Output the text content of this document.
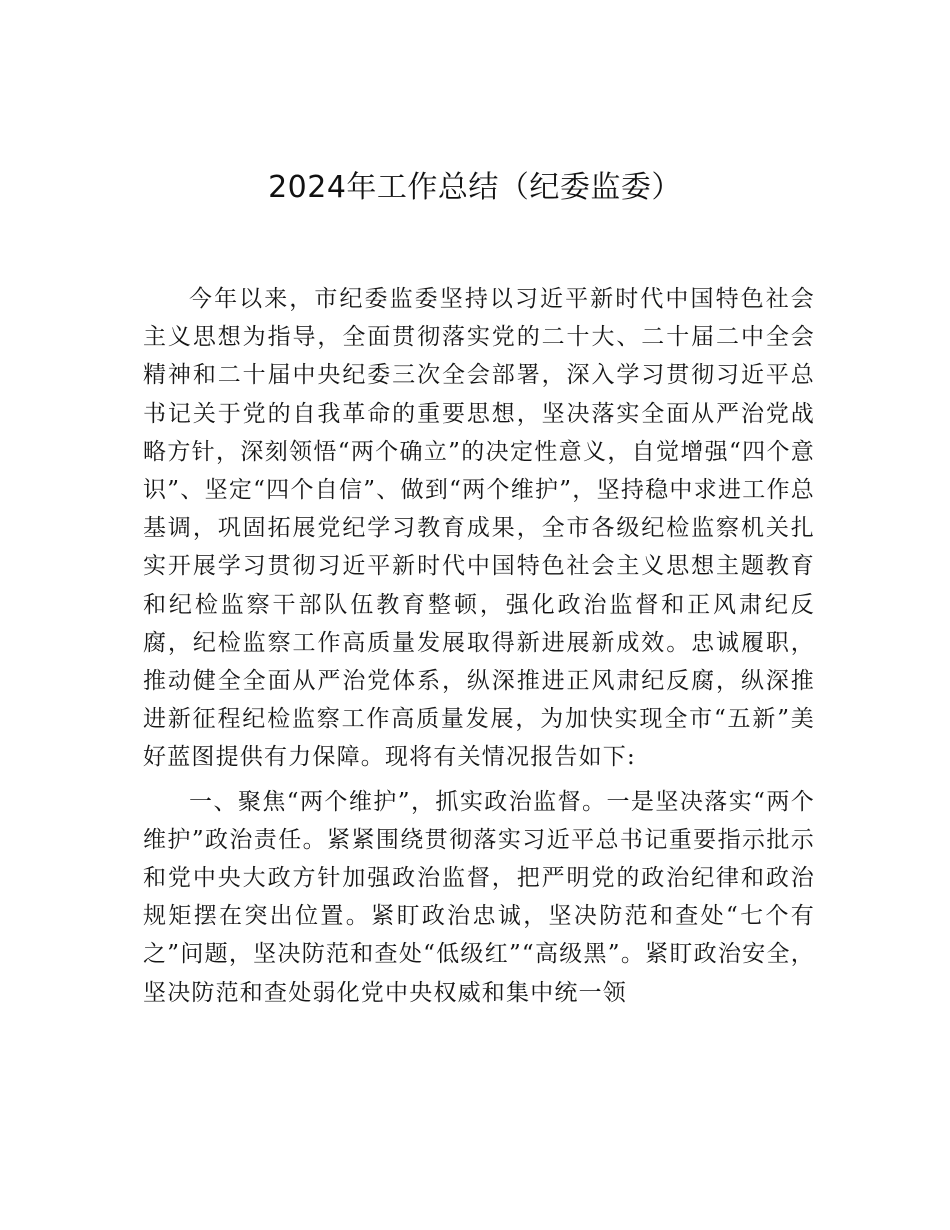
2024年工作总结（纪委监委）

今年以来，市纪委监委坚持以习近平新时代中国特色社会主义思想为指导，全面贯彻落实党的二十大、二十届二中全会精神和二十届中央纪委三次全会部署，深入学习贯彻习近平总书记关于党的自我革命的重要思想，坚决落实全面从严治党战略方针，深刻领悟“两个确立”的决定性意义，自觉增强“四个意识”、坚定“四个自信”、做到“两个维护”，坚持稳中求进工作总基调，巩固拓展党纪学习教育成果，全市各级纪检监察机关扎实开展学习贯彻习近平新时代中国特色社会主义思想主题教育和纪检监察干部队伍教育整顿，强化政治监督和正风肃纪反腐，纪检监察工作高质量发展取得新进展新成效。忠诚履职，推动健全全面从严治党体系，纵深推进正风肃纪反腐，纵深推进新征程纪检监察工作高质量发展，为加快实现全市“五新”美好蓝图提供有力保障。现将有关情况报告如下:

一、聚焦“两个维护”，抓实政治监督。一是坚决落实“两个维护”政治责任。紧紧围绕贯彻落实习近平总书记重要指示批示和党中央大政方针加强政治监督，把严明党的政治纪律和政治规矩摆在突出位置。紧盯政治忠诚，坚决防范和查处“七个有之”问题，坚决防范和查处“低级红”“高级黑”。紧盯政治安全，坚决防范和查处弱化党中央权威和集中统一领
